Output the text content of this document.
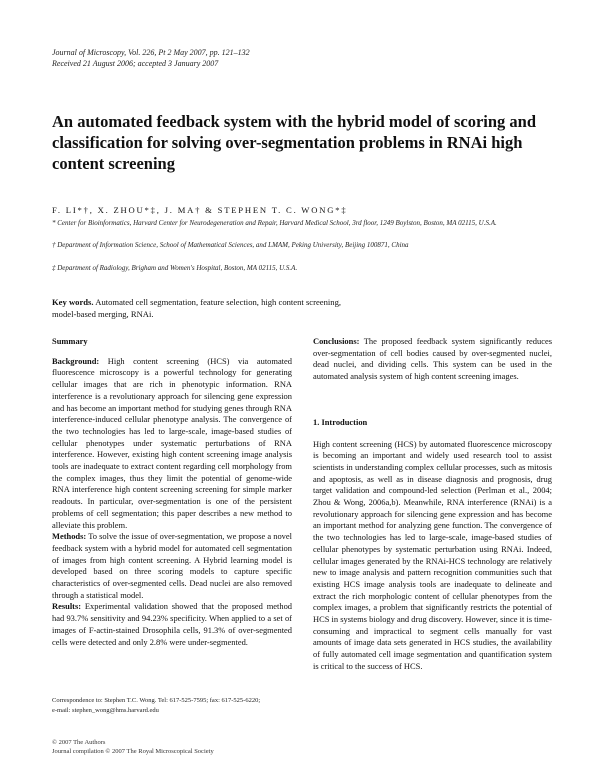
Journal of Microscopy, Vol. 226, Pt 2 May 2007, pp. 121–132
Received 21 August 2006; accepted 3 January 2007
An automated feedback system with the hybrid model of scoring and classification for solving over-segmentation problems in RNAi high content screening
F. LI*†, X. ZHOU*‡, J. MA† & STEPHEN T. C. WONG*‡
* Center for Bioinformatics, Harvard Center for Neurodegeneration and Repair, Harvard Medical School, 3rd floor, 1249 Boylston, Boston, MA 02115, U.S.A.
† Department of Information Science, School of Mathematical Sciences, and LMAM, Peking University, Beijing 100871, China
‡ Department of Radiology, Brigham and Women's Hospital, Boston, MA 02115, U.S.A.
Key words. Automated cell segmentation, feature selection, high content screening, model-based merging, RNAi.
Summary

Background: High content screening (HCS) via automated fluorescence microscopy is a powerful technology for generating cellular images that are rich in phenotypic information. RNA interference is a revolutionary approach for silencing gene expression and has become an important method for studying genes through RNA interference-induced cellular phenotype analysis. The convergence of the two technologies has led to large-scale, image-based studies of cellular phenotypes under systematic perturbations of RNA interference. However, existing high content screening image analysis tools are inadequate to extract content regarding cell morphology from the complex images, thus they limit the potential of genome-wide RNA interference high content screening screening for simple marker readouts. In particular, over-segmentation is one of the persistent problems of cell segmentation; this paper describes a new method to alleviate this problem.

Methods: To solve the issue of over-segmentation, we propose a novel feedback system with a hybrid model for automated cell segmentation of images from high content screening. A Hybrid learning model is developed based on three scoring models to capture specific characteristics of over-segmented cells. Dead nuclei are also removed through a statistical model.

Results: Experimental validation showed that the proposed method had 93.7% sensitivity and 94.23% specificity. When applied to a set of images of F-actin-stained Drosophila cells, 91.3% of over-segmented cells were detected and only 2.8% were under-segmented.

Correspondence to: Stephen T.C. Wong. Tel: 617-525-7595; fax: 617-525-6220;
e-mail: stephen_wong@hms.harvard.edu

Conclusions: The proposed feedback system significantly reduces over-segmentation of cell bodies caused by over-segmented nuclei, dead nuclei, and dividing cells. This system can be used in the automated analysis system of high content screening images.

1. Introduction

High content screening (HCS) by automated fluorescence microscopy is becoming an important and widely used research tool to assist scientists in understanding complex cellular processes, such as mitosis and apoptosis, as well as in disease diagnosis and prognosis, drug target validation and compound-led selection (Perlman et al., 2004; Zhou & Wong, 2006a,b). Meanwhile, RNA interference (RNAi) is a revolutionary approach for silencing gene expression and has become an important method for analyzing gene function. The convergence of the two technologies has led to large-scale, image-based studies of cellular phenotypes by systematic perturbation using RNAi. Indeed, cellular images generated by the RNAi-HCS technology are relatively new to image analysis and pattern recognition communities such that existing HCS image analysis tools are inadequate to delineate and extract the rich morphologic content of cellular phenotypes from the complex images, a problem that significantly restricts the potential of HCS in systems biology and drug discovery. However, since it is time-consuming and impractical to segment cells manually for vast amounts of image data sets generated in HCS studies, the availability of fully automated cell image segmentation and quantification system is critical to the success of HCS.

© 2007 The Authors
Journal compilation © 2007 The Royal Microscopical Society
